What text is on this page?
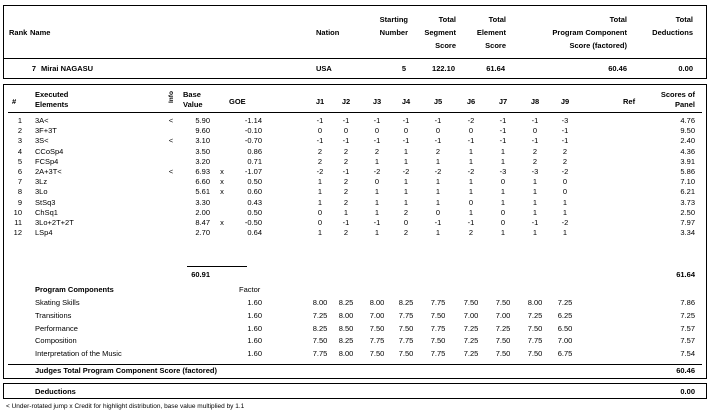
Rank Name	Nation
Starting
Number
Total
Segment
Score
Total
Element
Score
Total
Program Component
Score (factored)
Total
Deductions
7 Mirai NAGASU	USA	5	122.10	61.64	60.46	0.00
#
Executed
Elements
Info Base
Value	GOE	Ref
Scores of
Panel
J1	J2	J3	J4	J5	J6	J7	J8	J9
1 3A<	<	5.90	-1.14	-1	-1	-1	-1	-1	-2	-1	-1	-3	4.76
2 3F+3T	9.60	-0.10	0	0	0	0	0	0	-1	0	-1	9.50
3 3S<	<	3.10	-0.70	-1	-1	-1	-1	-1	-1	-1	-1	-1	2.40
4 CCoSp4	3.50	0.86	2	2	2	1	2	1	1	2	2	4.36
5 FCSp4	3.20	0.71	2	2	1	1	1	1	1	2	2	3.91
6 2A+3T<	<	6.93 x	-1.07	-2	-1	-2	-2	-2	-2	-3	-3	-2	5.86
7 3Lz	6.60 x	0.50	1	2	0	1	1	1	0	1	0	7.10
8 3Lo	5.61 x	0.60	1	2	1	1	1	1	1	1	0	6.21
9 StSq3	3.30	0.43	1	2	1	1	1	0	1	1	1	3.73
10 ChSq1	2.00	0.50	0	1	1	2	0	1	0	1	1	2.50
11 3Lo+2T+2T	8.47 x	-0.50	0	-1	-1	0	-1	-1	0	-1	-2	7.97
12 LSp4	2.70	0.64	1	2	1	2	1	2	1	1	1	3.34
60.91	61.64
Program Components	Factor
Skating Skills	1.60	8.00	8.25	8.00	8.25	7.75	7.50	7.50	8.00	7.25	7.86
Transitions	1.60	7.25	8.00	7.00	7.75	7.50	7.00	7.00	7.25	6.25	7.25
Performance	1.60	8.25	8.50	7.50	7.50	7.75	7.25	7.25	7.50	6.50	7.57
Composition	1.60	7.50	8.25	7.75	7.75	7.50	7.25	7.50	7.75	7.00	7.57
Interpretation of the Music	1.60	7.75	8.00	7.50	7.50	7.75	7.25	7.50	7.50	6.75	7.54
Judges Total Program Component Score (factored)	60.46
Deductions	0.00
< Under-rotated jump x Credit for highlight distribution, base value multiplied by 1.1
